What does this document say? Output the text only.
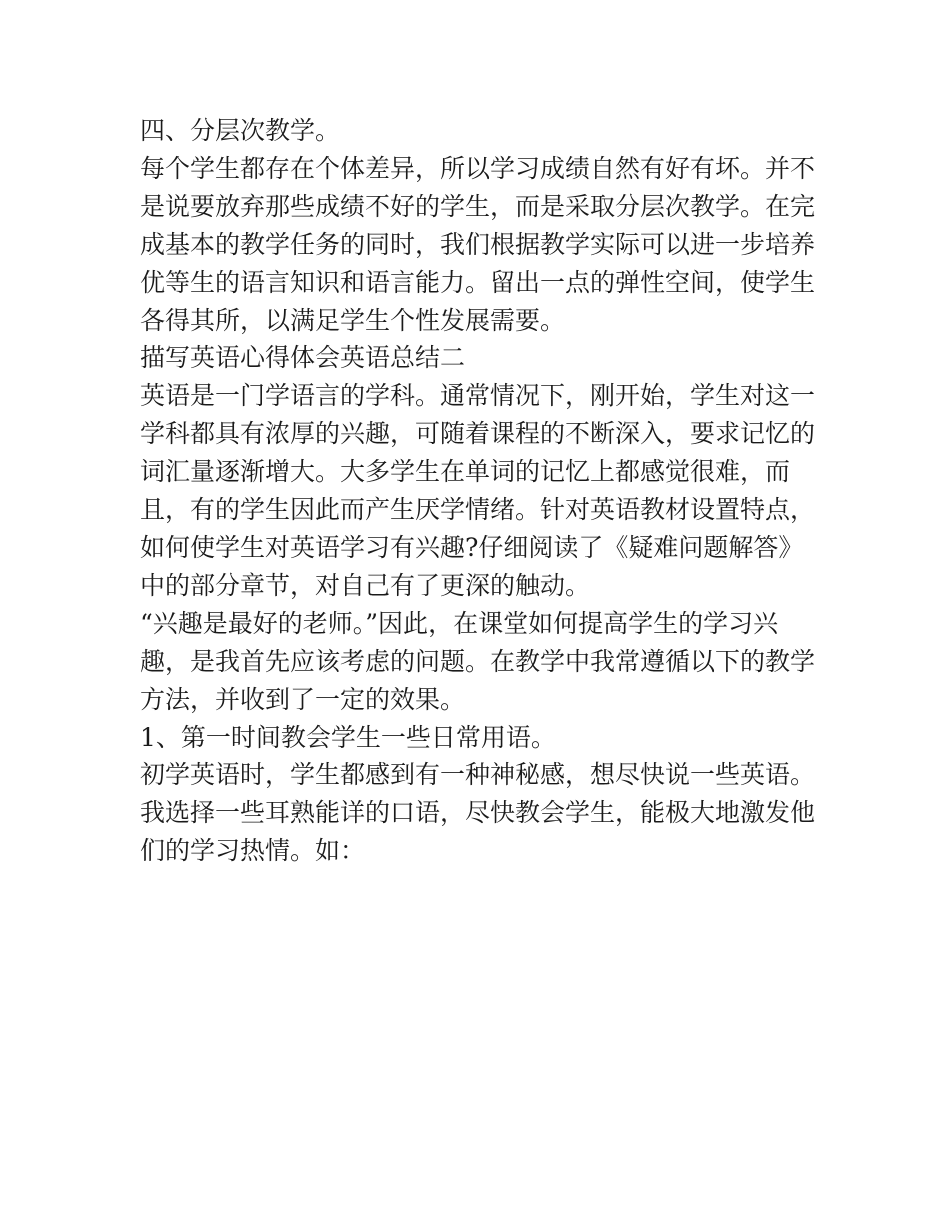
四、分层次教学。
每个学生都存在个体差异，所以学习成绩自然有好有坏。并不
是说要放弃那些成绩不好的学生，而是采取分层次教学。在完
成基本的教学任务的同时，我们根据教学实际可以进一步培养
优等生的语言知识和语言能力。留出一点的弹性空间，使学生
各得其所，以满足学生个性发展需要。
描写英语心得体会英语总结二
英语是一门学语言的学科。通常情况下，刚开始，学生对这一
学科都具有浓厚的兴趣，可随着课程的不断深入，要求记忆的
词汇量逐渐增大。大多学生在单词的记忆上都感觉很难，而
且，有的学生因此而产生厌学情绪。针对英语教材设置特点，
如何使学生对英语学习有兴趣?仔细阅读了《疑难问题解答》
中的部分章节，对自己有了更深的触动。
“兴趣是最好的老师。”因此，在课堂如何提高学生的学习兴
趣，是我首先应该考虑的问题。在教学中我常遵循以下的教学
方法，并收到了一定的效果。
1、第一时间教会学生一些日常用语。
初学英语时，学生都感到有一种神秘感，想尽快说一些英语。
我选择一些耳熟能详的口语，尽快教会学生，能极大地激发他
们的学习热情。如：
